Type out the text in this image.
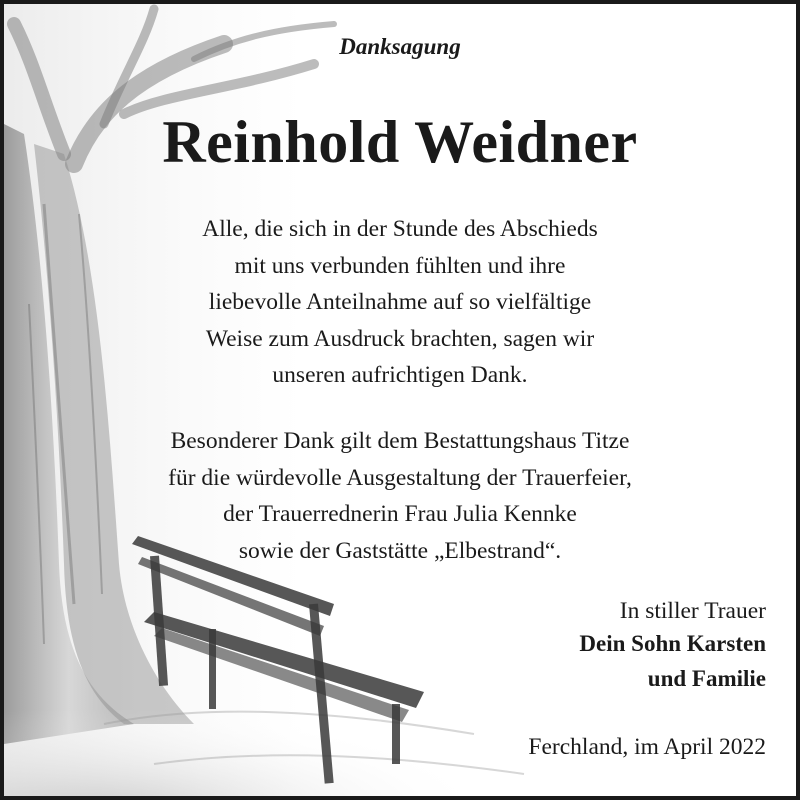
Danksagung
Reinhold Weidner
Alle, die sich in der Stunde des Abschieds
mit uns verbunden fühlten und ihre
liebevolle Anteilnahme auf so vielfältige
Weise zum Ausdruck brachten, sagen wir
unseren aufrichtigen Dank.
Besonderer Dank gilt dem Bestattungshaus Titze
für die würdevolle Ausgestaltung der Trauerfeier,
der Trauerrednerin Frau Julia Kennke
sowie der Gaststätte „Elbestrand“.
In stiller Trauer
Dein Sohn Karsten
und Familie
Ferchland, im April 2022
